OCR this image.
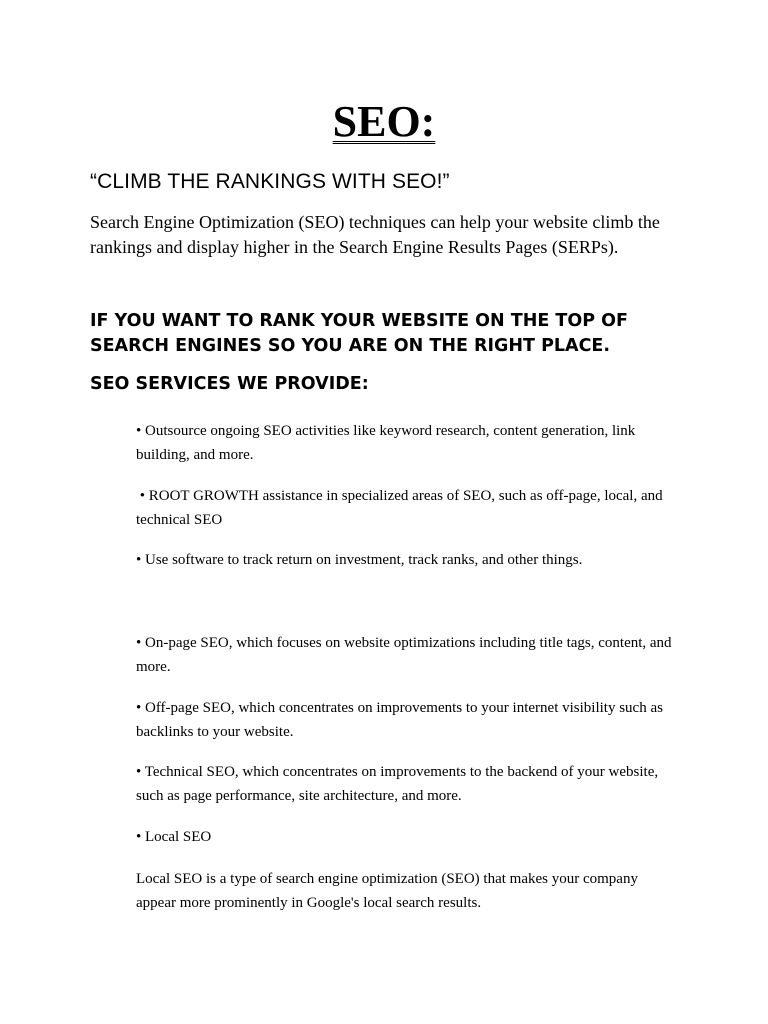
SEO:
“CLIMB THE RANKINGS WITH SEO!”

Search Engine Optimization (SEO) techniques can help your website climb the rankings and display higher in the Search Engine Results Pages (SERPs).

IF YOU WANT TO RANK YOUR WEBSITE ON THE TOP OF SEARCH ENGINES SO YOU ARE ON THE RIGHT PLACE.
SEO SERVICES WE PROVIDE:

• Outsource ongoing SEO activities like keyword research, content generation, link building, and more.

• ROOT GROWTH assistance in specialized areas of SEO, such as off-page, local, and technical SEO

• Use software to track return on investment, track ranks, and other things.

• On-page SEO, which focuses on website optimizations including title tags, content, and more.

• Off-page SEO, which concentrates on improvements to your internet visibility such as backlinks to your website.

• Technical SEO, which concentrates on improvements to the backend of your website, such as page performance, site architecture, and more.

• Local SEO

Local SEO is a type of search engine optimization (SEO) that makes your company appear more prominently in Google's local search results.
